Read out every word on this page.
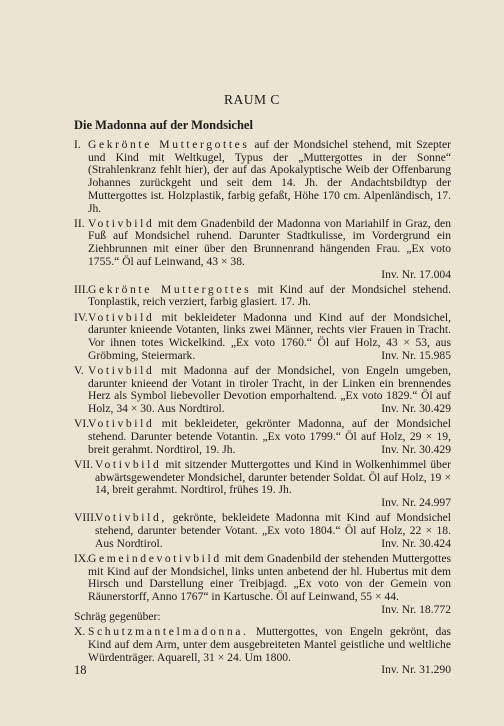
RAUM C
Die Madonna auf der Mondsichel
I. Gekrönte Muttergottes auf der Mondsichel stehend, mit Szepter und Kind mit Weltkugel, Typus der „Muttergottes in der Sonne“ (Strahlenkranz fehlt hier), der auf das Apokalyptische Weib der Offenbarung Johannes zurückgeht und seit dem 14. Jh. der Andachtsbildtyp der Muttergottes ist. Holzplastik, farbig gefaßt, Höhe 170 cm. Alpenländisch, 17. Jh.
II. Votivbild mit dem Gnadenbild der Madonna von Mariahilf in Graz, den Fuß auf Mondsichel ruhend. Darunter Stadtkulisse, im Vordergrund ein Ziehbrunnen mit einer über den Brunnenrand hängenden Frau. „Ex voto 1755.“ Öl auf Leinwand, 43 × 38.
Inv. Nr. 17.004
III. Gekrönte Muttergottes mit Kind auf der Mondsichel stehend. Tonplastik, reich verziert, farbig glasiert. 17. Jh.
IV. Votivbild mit bekleideter Madonna und Kind auf der Mondsichel, darunter knieende Votanten, links zwei Männer, rechts vier Frauen in Tracht. Vor ihnen totes Wickelkind. „Ex voto 1760.“ Öl auf Holz, 43 × 53, aus Gröbming, Steiermark.	Inv. Nr. 15.985
V. Votivbild mit Madonna auf der Mondsichel, von Engeln umgeben, darunter knieend der Votant in tiroler Tracht, in der Linken ein brennendes Herz als Symbol liebevoller Devotion emporhaltend. „Ex voto 1829.“ Öl auf Holz, 34 × 30. Aus Nordtirol.	Inv. Nr. 30.429
VI.
Votivbild mit bekleideter, gekrönter Madonna, auf der Mondsichel stehend. Darunter betende Votantin. „Ex voto 1799.“ Öl auf Holz, 29 × 19, breit gerahmt. Nordtirol, 19. Jh.	Inv. Nr. 30.429
VII. Votivbild mit sitzender Muttergottes und Kind in Wolkenhimmel über abwärtsgewendeter Mondsichel, darunter betender Soldat. Öl auf Holz, 19 × 14, breit gerahmt. Nordtirol, frühes 19. Jh.
Inv. Nr. 24.997
VIII.
Votivbild, gekrönte, bekleidete Madonna mit Kind auf Mondsichel stehend, darunter betender Votant. „Ex voto 1804.“ Öl auf Holz, 22 × 18. Aus Nordtirol.	Inv. Nr. 30.424
IX.
Gemeindevotivbild mit dem Gnadenbild der stehenden Muttergottes mit Kind auf der Mondsichel, links unten anbetend der hl. Hubertus mit dem Hirsch und Darstellung einer Treibjagd. „Ex voto von der Gemein von Räunerstorff, Anno 1767“ in Kartusche. Öl auf Leinwand, 55 × 44.
Inv. Nr. 18.772
Schräg gegenüber:
X. Schutzmantelmadonna. Muttergottes, von Engeln gekrönt, das Kind auf dem Arm, unter dem ausgebreiteten Mantel geistliche und weltliche Würdenträger. Aquarell, 31 × 24. Um 1800.
Inv. Nr. 31.290
18
